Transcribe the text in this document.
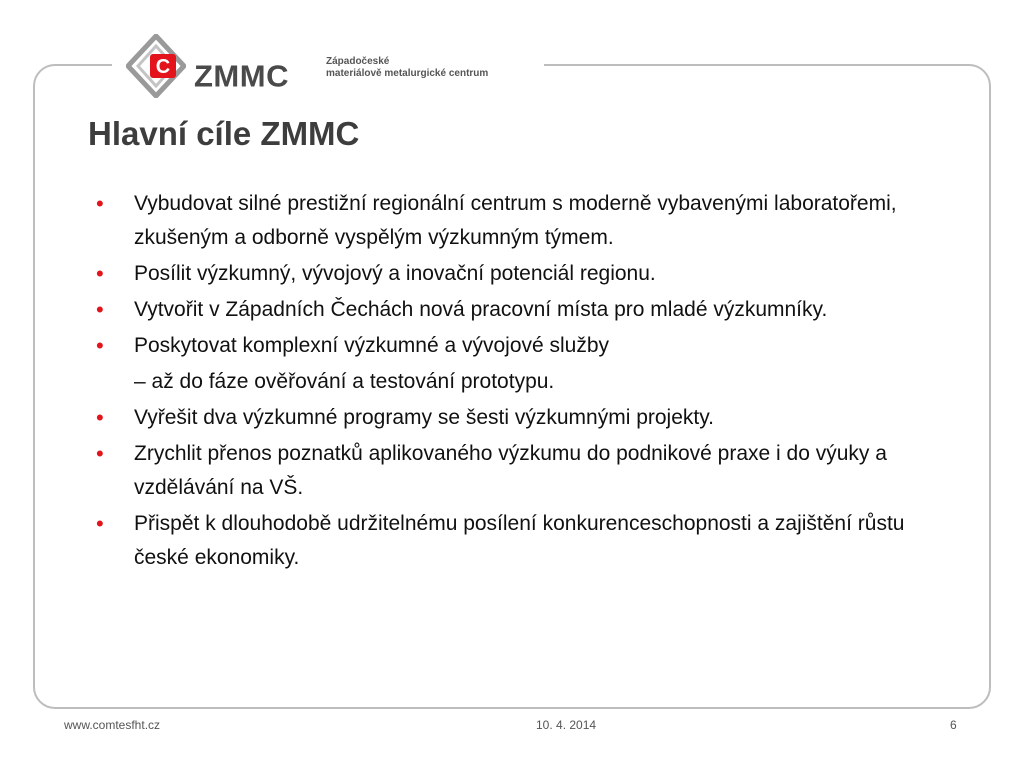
C ZMMC	Západočeské
materiálově metalurgické centrum
Hlavní cíle ZMMC
• Vybudovat silné prestižní regionální centrum s moderně vybavenými laboratořemi, zkušeným a odborně vyspělým výzkumným týmem.
• Posílit výzkumný, vývojový a inovační potenciál regionu.
• Vytvořit v Západních Čechách nová pracovní místa pro mladé výzkumníky.
• Poskytovat komplexní výzkumné a vývojové služby
– až do fáze ověřování a testování prototypu.
• Vyřešit dva výzkumné programy se šesti výzkumnými projekty.
• Zrychlit přenos poznatků aplikovaného výzkumu do podnikové praxe i do výuky a vzdělávání na VŠ.
• Přispět k dlouhodobě udržitelnému posílení konkurenceschopnosti a zajištění růstu české ekonomiky.
www.comtesfht.cz	10. 4. 2014	6
